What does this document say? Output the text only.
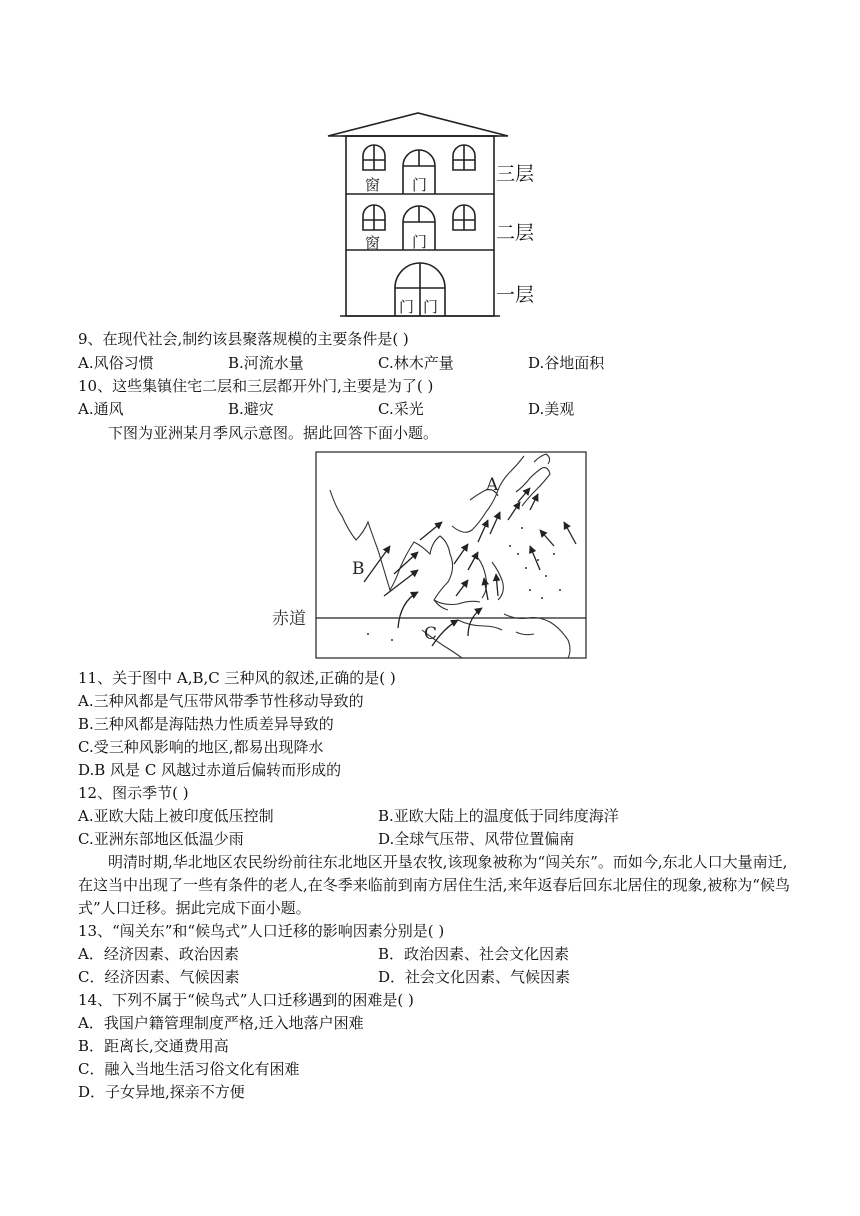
窗 门
窗 门
门 门
三层
二层
一层
9、在现代社会,制约该县聚落规模的主要条件是( )
A.风俗习惯	B.河流水量	C.林木产量	D.谷地面积
10、这些集镇住宅二层和三层都开外门,主要是为了( )
A.通风	B.避灾	C.采光	D.美观
下图为亚洲某月季风示意图。据此回答下面小题。
赤道
A
B
C
11、关于图中 A,B,C 三种风的叙述,正确的是( )
A.三种风都是气压带风带季节性移动导致的
B.三种风都是海陆热力性质差异导致的
C.受三种风影响的地区,都易出现降水
D.B 风是 C 风越过赤道后偏转而形成的
12、图示季节( )
A.亚欧大陆上被印度低压控制	B.亚欧大陆上的温度低于同纬度海洋
C.亚洲东部地区低温少雨	D.全球气压带、风带位置偏南
明清时期,华北地区农民纷纷前往东北地区开垦农牧,该现象被称为“闯关东”。而如今,东北人口大量南迁,在这当中出现了一些有条件的老人,在冬季来临前到南方居住生活,来年返春后回东北居住的现象,被称为“候鸟式”人口迁移。据此完成下面小题。
13、“闯关东”和“候鸟式”人口迁移的影响因素分别是( )
A．经济因素、政治因素	B．政治因素、社会文化因素
C．经济因素、气候因素	D．社会文化因素、气候因素
14、下列不属于“候鸟式”人口迁移遇到的困难是( )
A．我国户籍管理制度严格,迁入地落户困难
B．距离长,交通费用高
C．融入当地生活习俗文化有困难
D．子女异地,探亲不方便
